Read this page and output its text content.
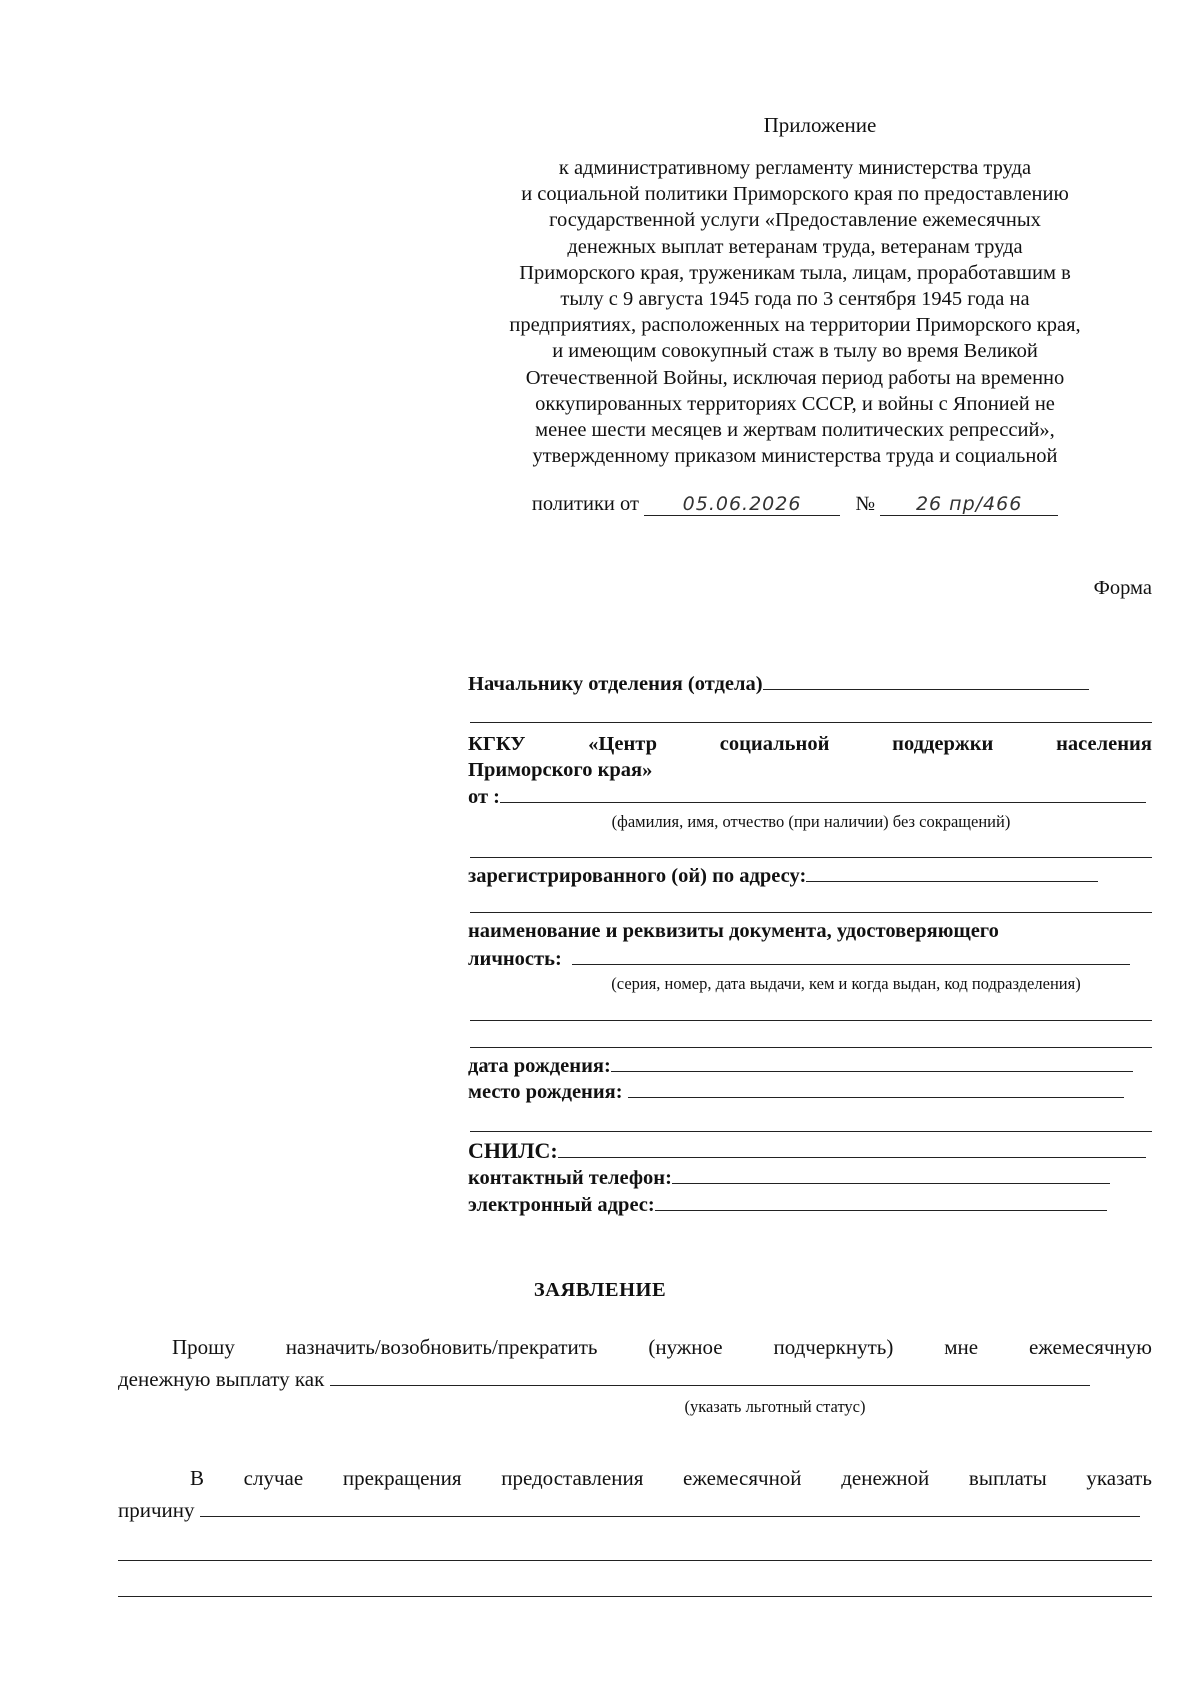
Приложение
к административному регламенту министерства труда
и социальной политики Приморского края по предоставлению
государственной услуги «Предоставление ежемесячных
денежных выплат ветеранам труда, ветеранам труда
Приморского края, труженикам тыла, лицам, проработавшим в
тылу с 9 августа 1945 года по 3 сентября 1945 года на
предприятиях, расположенных на территории Приморского края,
и имеющим совокупный стаж в тылу во время Великой
Отечественной Войны, исключая период работы на временно
оккупированных территориях СССР, и войны с Японией не
менее шести месяцев и жертвам политических репрессий»,
утвержденному приказом министерства труда и социальной
политики от 05.06.2026	№ 26 пр/466
Форма
Начальнику отделения (отдела)
КГКУ	«Центр	социальной	поддержки	населения
Приморского края»
от :
(фамилия, имя, отчество (при наличии) без сокращений)
зарегистрированного (ой) по адресу:
наименование и реквизиты документа, удостоверяющего
личность:
(серия, номер, дата выдачи, кем и когда выдан, код подразделения)
дата рождения:
место рождения:
СНИЛС:
контактный телефон:
электронный адрес:
ЗАЯВЛЕНИЕ
Прошу назначить/возобновить/прекратить (нужное подчеркнуть) мне ежемесячную
денежную выплату как
(указать льготный статус)
В случае прекращения предоставления ежемесячной денежной выплаты указать
причину
